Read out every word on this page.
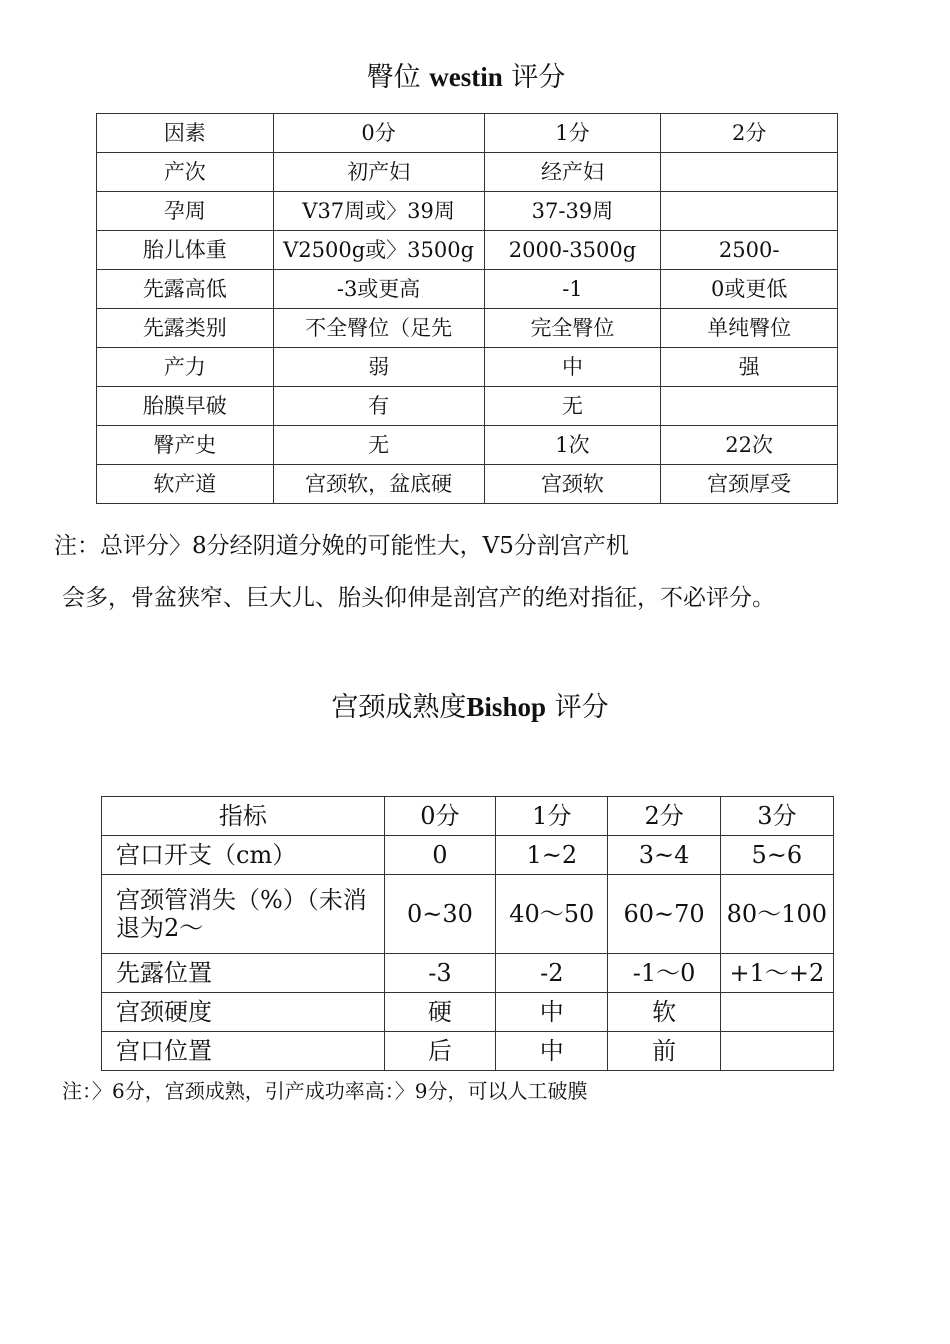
臀位 westin 评分
因素	0分	1分	2分
产次	初产妇	经产妇	
孕周	V37周或〉39周	37-39周	
胎儿体重	V2500g或〉3500g	2000-3500g	2500-
先露高低	-3或更高	-1	0或更低
先露类别	不全臀位（足先	完全臀位	单纯臀位
产力	弱	中	强
胎膜早破	有	无	
臀产史	无	1次	22次
软产道	宫颈软，盆底硬	宫颈软	宫颈厚受
注：总评分〉8分经阴道分娩的可能性大，V5分剖宫产机
会多，骨盆狭窄、巨大儿、胎头仰伸是剖宫产的绝对指征，不必评分。
宫颈成熟度Bishop 评分
指标	0分	1分	2分	3分
宫口开支（cm）	0	1~2	3~4	5~6
宫颈管消失（%）（未消退为2〜	0~30	40〜50	60~70	80〜100
先露位置	-3	-2	-1〜0	+1〜+2
宫颈硬度	硬	中	软	
宫口位置	后	中	前	
注：〉6分，宫颈成熟，引产成功率高：〉9分，可以人工破膜
